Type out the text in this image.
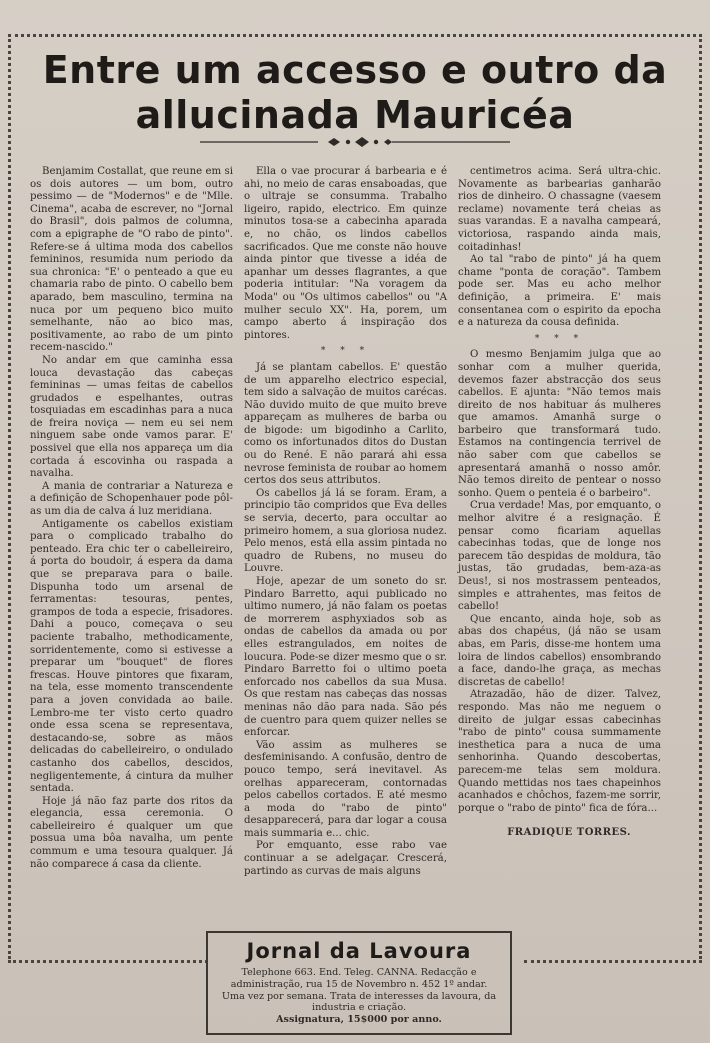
Entre um accesso e outro da
allucinada Mauricéa

Benjamim Costallat, que reune em si os dois autores — um bom, outro pessimo — de "Modernos" e de "Mlle. Cinema", acaba de escrever, no "Jornal do Brasil", dois palmos de columna, com a epigraphe de "O rabo de pinto". Refere-se á ultima moda dos cabellos femininos, resumida num periodo da sua chronica: "E' o penteado a que eu chamaria rabo de pinto. O cabello bem aparado, bem masculino, termina na nuca por um pequeno bico muito semelhante, não ao bico mas, positivamente, ao rabo de um pinto recem-nascido."

No andar em que caminha essa louca devastação das cabeças femininas — umas feitas de cabellos grudados e espelhantes, outras tosquiadas em escadinhas para a nuca de freira noviça — nem eu sei nem ninguem sabe onde vamos parar. E' possivel que ella nos appareça um dia cortada á escovinha ou raspada a navalha.

A mania de contrariar a Natureza e a definição de Schopenhauer pode pôl-as um dia de calva á luz meridiana.

Antigamente os cabellos existiam para o complicado trabalho do penteado. Era chic ter o cabelleireiro, á porta do boudoir, á espera da dama que se preparava para o baile. Dispunha todo um arsenal de ferramentas: tesouras, pentes, grampos de toda a especie, frisadores. Dahi a pouco, começava o seu paciente trabalho, methodicamente, sorridentemente, como si estivesse a preparar um "bouquet" de flores frescas. Houve pintores que fixaram, na tela, esse momento transcendente para a joven convidada ao baile. Lembro-me ter visto certo quadro onde essa scena se representava, destacando-se, sobre as mãos delicadas do cabelleireiro, o ondulado castanho dos cabellos, descidos, negligentemente, á cintura da mulher sentada.

Hoje já não faz parte dos ritos da elegancia, essa ceremonia. O cabelleireiro é qualquer um que possua uma bôa navalha, um pente commum e uma tesoura qualquer. Já não comparece á casa da cliente.

Ella o vae procurar á barbearia e é ahi, no meio de caras ensaboadas, que o ultraje se consumma. Trabalho ligeiro, rapido, electrico. Em quinze minutos tosa-se a cabecinha aparada e, no chão, os lindos cabellos sacrificados. Que me conste não houve ainda pintor que tivesse a idéa de apanhar um desses flagrantes, a que poderia intitular: "Na voragem da Moda" ou "Os ultimos cabellos" ou "A mulher seculo XX". Ha, porem, um campo aberto á inspiração dos pintores.

* * *

Já se plantam cabellos. E' questão de um apparelho electrico especial, tem sido a salvação de muitos carécas. Não duvido muito de que muito breve appareçam as mulheres de barba ou de bigode: um bigodinho a Carlito, como os infortunados ditos do Dustan ou do René. E não parará ahi essa nevrose feminista de roubar ao homem certos dos seus attributos.

Os cabellos já lá se foram. Eram, a principio tão compridos que Eva delles se servia, decerto, para occultar ao primeiro homem, a sua gloriosa nudez. Pelo menos, está ella assim pintada no quadro de Rubens, no museu do Louvre.

Hoje, apezar de um soneto do sr. Pindaro Barretto, aqui publicado no ultimo numero, já não falam os poetas de morrerem asphyxiados sob as ondas de cabellos da amada ou por elles estrangulados, em noites de loucura. Pode-se dizer mesmo que o sr. Pindaro Barretto foi o ultimo poeta enforcado nos cabellos da sua Musa. Os que restam nas cabeças das nossas meninas não dão para nada. São pés de cuentro para quem quizer nelles se enforcar.

Vão assim as mulheres se desfeminisando. A confusão, dentro de pouco tempo, será inevitavel. As orelhas appareceram, contornadas pelos cabellos cortados. E até mesmo a moda do "rabo de pinto" desapparecerá, para dar logar a cousa mais summaria e... chic.

Por emquanto, esse rabo vae continuar a se adelgaçar. Crescerá, partindo as curvas de mais alguns

centimetros acima. Será ultra-chic. Novamente as barbearias ganharão rios de dinheiro. O chassagne (vaesem reclame) novamente terá cheias as suas varandas. E a navalha campeará, victoriosa, raspando ainda mais, coitadinhas!

Ao tal "rabo de pinto" já ha quem chame "ponta de coração". Tambem pode ser. Mas eu acho melhor definição, a primeira. E' mais consentanea com o espirito da epocha e a natureza da cousa definida.

* * *

O mesmo Benjamim julga que ao sonhar com a mulher querida, devemos fazer abstracção dos seus cabellos. E ajunta: "Não temos mais direito de nos habituar ás mulheres que amamos. Amanhã surge o barbeiro que transformará tudo. Estamos na contingencia terrivel de não saber com que cabellos se apresentará amanhã o nosso amôr. Não temos direito de pentear o nosso sonho. Quem o penteia é o barbeiro".

Crua verdade! Mas, por emquanto, o melhor alvitre é a resignação. É pensar como ficariam aquellas cabecinhas todas, que de longe nos parecem tão despidas de moldura, tão justas, tão grudadas, bem-aza-as Deus!, si nos mostrassem penteados, simples e attrahentes, mas feitos de cabello!

Que encanto, ainda hoje, sob as abas dos chapéus, (já não se usam abas, em Paris, disse-me hontem uma loira de lindos cabellos) ensombrando a face, dando-lhe graça, as mechas discretas de cabello!

Atrazadão, hão de dizer. Talvez, respondo. Mas não me neguem o direito de julgar essas cabecinhas "rabo de pinto" cousa summamente inesthetica para a nuca de uma senhorinha. Quando descobertas, parecem-me telas sem moldura. Quando mettidas nos taes chapeinhos acanhados e chôchos, fazem-me sorrir, porque o "rabo de pinto" fica de fóra...

FRADIQUE TORRES.
Jornal da Lavoura
Telephone 663. End. Teleg. CANNA. Redacção e administração, rua 15 de Novembro n. 452 1º andar. Uma vez por semana. Trata de interesses da lavoura, da industria e criação.
Assignatura, 15$000 por anno.
